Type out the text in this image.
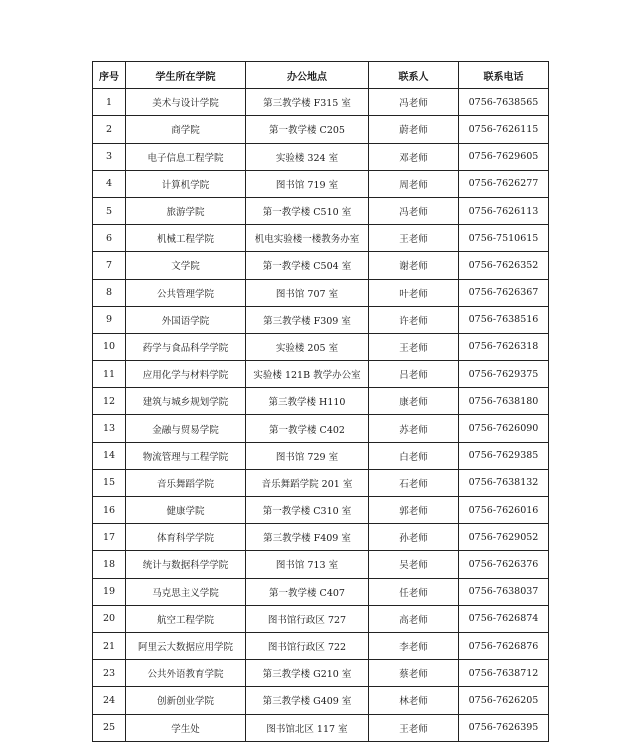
序号	学生所在学院	办公地点	联系人	联系电话
1	美术与设计学院	第三教学楼 F315 室	冯老师	0756-7638565
2	商学院	第一教学楼 C205	蔚老师	0756-7626115
3	电子信息工程学院	实验楼 324 室	邓老师	0756-7629605
4	计算机学院	图书馆 719 室	周老师	0756-7626277
5	旅游学院	第一教学楼 C510 室	冯老师	0756-7626113
6	机械工程学院	机电实验楼一楼教务办室	王老师	0756-7510615
7	文学院	第一教学楼 C504 室	谢老师	0756-7626352
8	公共管理学院	图书馆 707 室	叶老师	0756-7626367
9	外国语学院	第三教学楼 F309 室	许老师	0756-7638516
10	药学与食品科学学院	实验楼 205 室	王老师	0756-7626318
11	应用化学与材料学院	实验楼 121B 教学办公室	吕老师	0756-7629375
12	建筑与城乡规划学院	第三教学楼 H110	康老师	0756-7638180
13	金融与贸易学院	第一教学楼 C402	苏老师	0756-7626090
14	物流管理与工程学院	图书馆 729 室	白老师	0756-7629385
15	音乐舞蹈学院	音乐舞蹈学院 201 室	石老师	0756-7638132
16	健康学院	第一教学楼 C310 室	郭老师	0756-7626016
17	体育科学学院	第三教学楼 F409 室	孙老师	0756-7629052
18	统计与数据科学学院	图书馆 713 室	吴老师	0756-7626376
19	马克思主义学院	第一教学楼 C407	任老师	0756-7638037
20	航空工程学院	图书馆行政区 727	高老师	0756-7626874
21	阿里云大数据应用学院	图书馆行政区 722	李老师	0756-7626876
23	公共外语教育学院	第三教学楼 G210 室	蔡老师	0756-7638712
24	创新创业学院	第三教学楼 G409 室	林老师	0756-7626205
25	学生处	图书馆北区 117 室	王老师	0756-7626395
